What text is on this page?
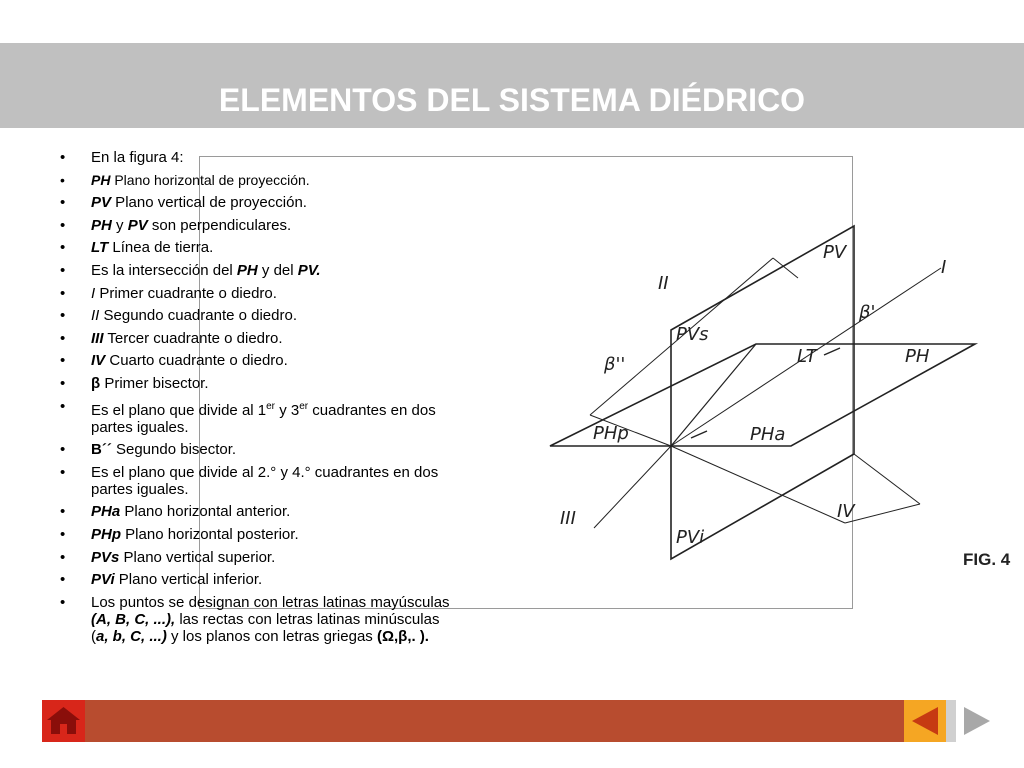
ELEMENTOS DEL SISTEMA DIÉDRICO
• En la figura 4:
• PH Plano horizontal de proyección.
• PV Plano vertical de proyección.
• PH y PV son perpendiculares.
• LT Línea de tierra.
• Es la intersección del PH y del PV.
• I Primer cuadrante o diedro.
• II Segundo cuadrante o diedro.
• III Tercer cuadrante o diedro.
• IV Cuarto cuadrante o diedro.
• β Primer bisector.
• Es el plano que divide al 1er y 3er cuadrantes en dos partes iguales.
• B´´ Segundo bisector.
• Es el plano que divide al 2.° y 4.° cuadrantes en dos partes iguales.
• PHa Plano horizontal anterior.
• PHp Plano horizontal posterior.
• PVs Plano vertical superior.
• PVi Plano vertical inferior.
• Los puntos se designan con letras latinas mayúsculas (A, B, C, ...), las rectas con letras latinas minúsculas (a, b, C, ...) y los planos con letras griegas (Ω,β,. ).
PV
PH
LT
PVs
PVi
PHa
PHp
I
II
III	IV
β'
β''
FIG. 4
